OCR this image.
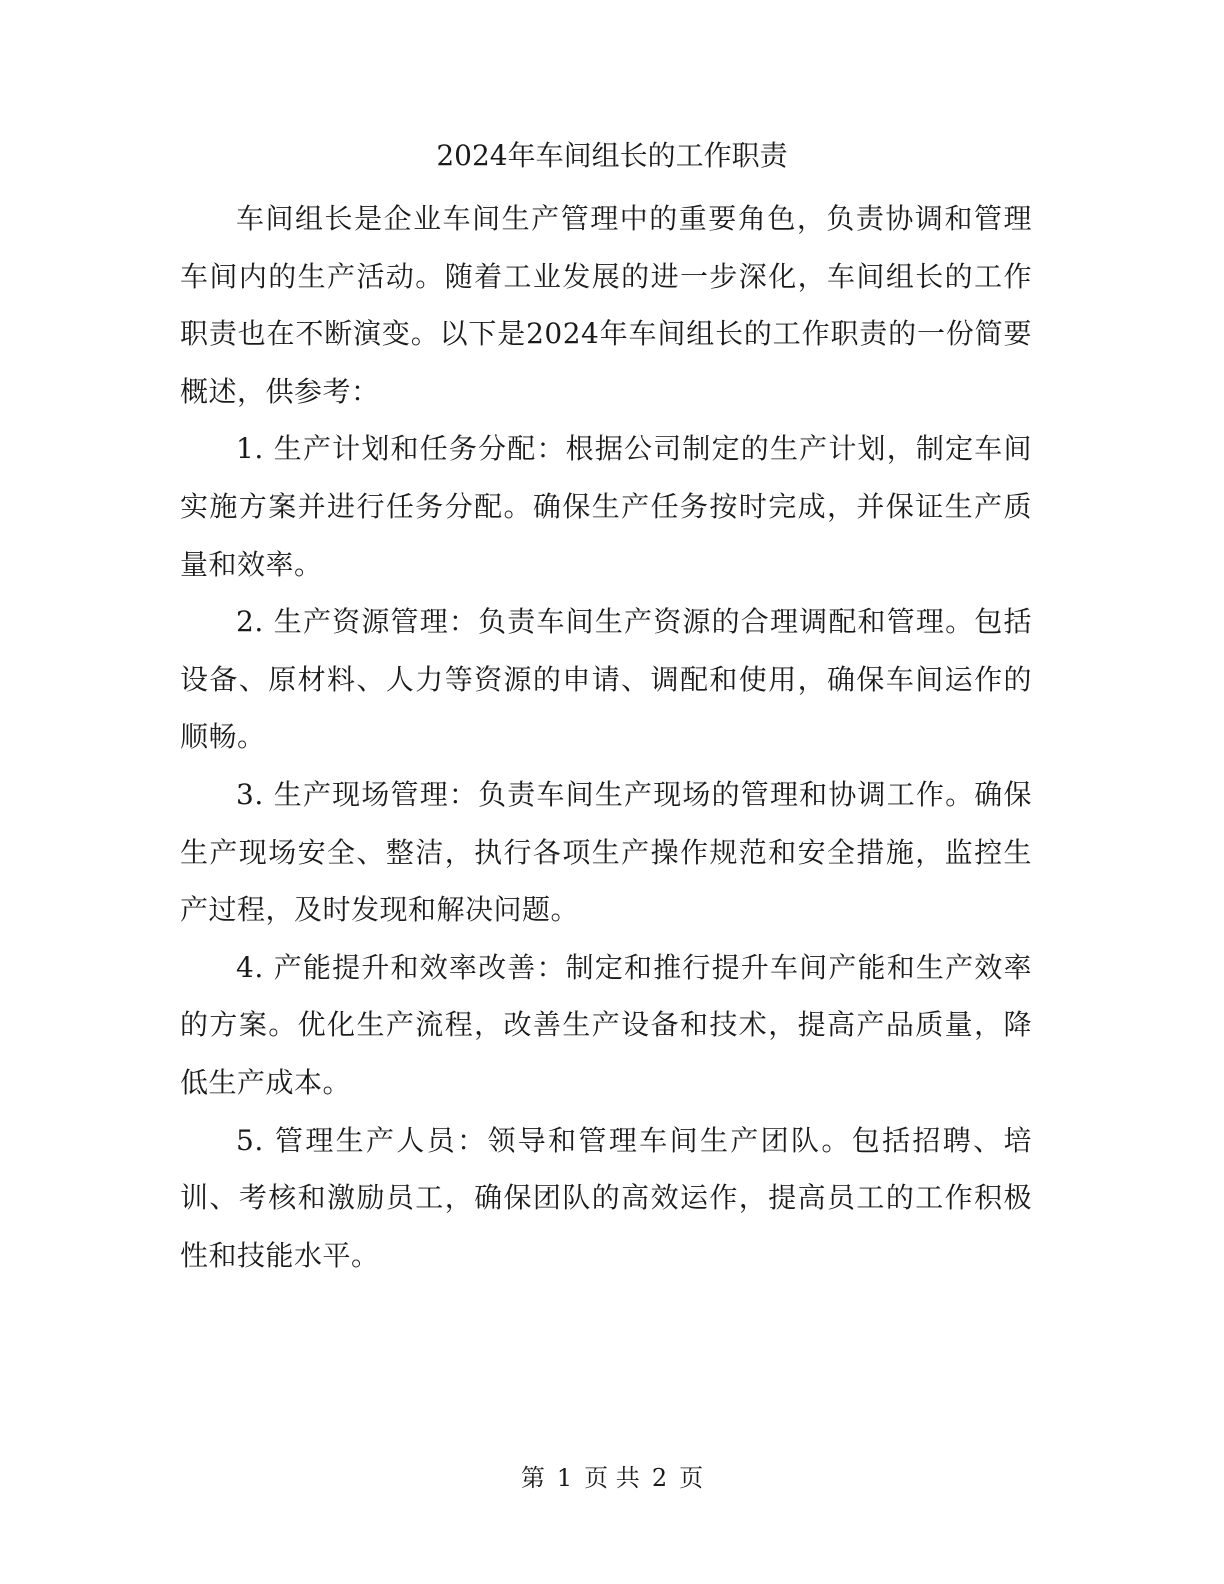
2024年车间组长的工作职责

车间组长是企业车间生产管理中的重要角色，负责协调和管理车间内的生产活动。随着工业发展的进一步深化，车间组长的工作职责也在不断演变。以下是2024年车间组长的工作职责的一份简要概述，供参考：

1. 生产计划和任务分配：根据公司制定的生产计划，制定车间实施方案并进行任务分配。确保生产任务按时完成，并保证生产质量和效率。

2. 生产资源管理：负责车间生产资源的合理调配和管理。包括设备、原材料、人力等资源的申请、调配和使用，确保车间运作的顺畅。

3. 生产现场管理：负责车间生产现场的管理和协调工作。确保生产现场安全、整洁，执行各项生产操作规范和安全措施，监控生产过程，及时发现和解决问题。

4. 产能提升和效率改善：制定和推行提升车间产能和生产效率的方案。优化生产流程，改善生产设备和技术，提高产品质量，降低生产成本。

5. 管理生产人员：领导和管理车间生产团队。包括招聘、培训、考核和激励员工，确保团队的高效运作，提高员工的工作积极性和技能水平。

第 1 页 共 2 页
